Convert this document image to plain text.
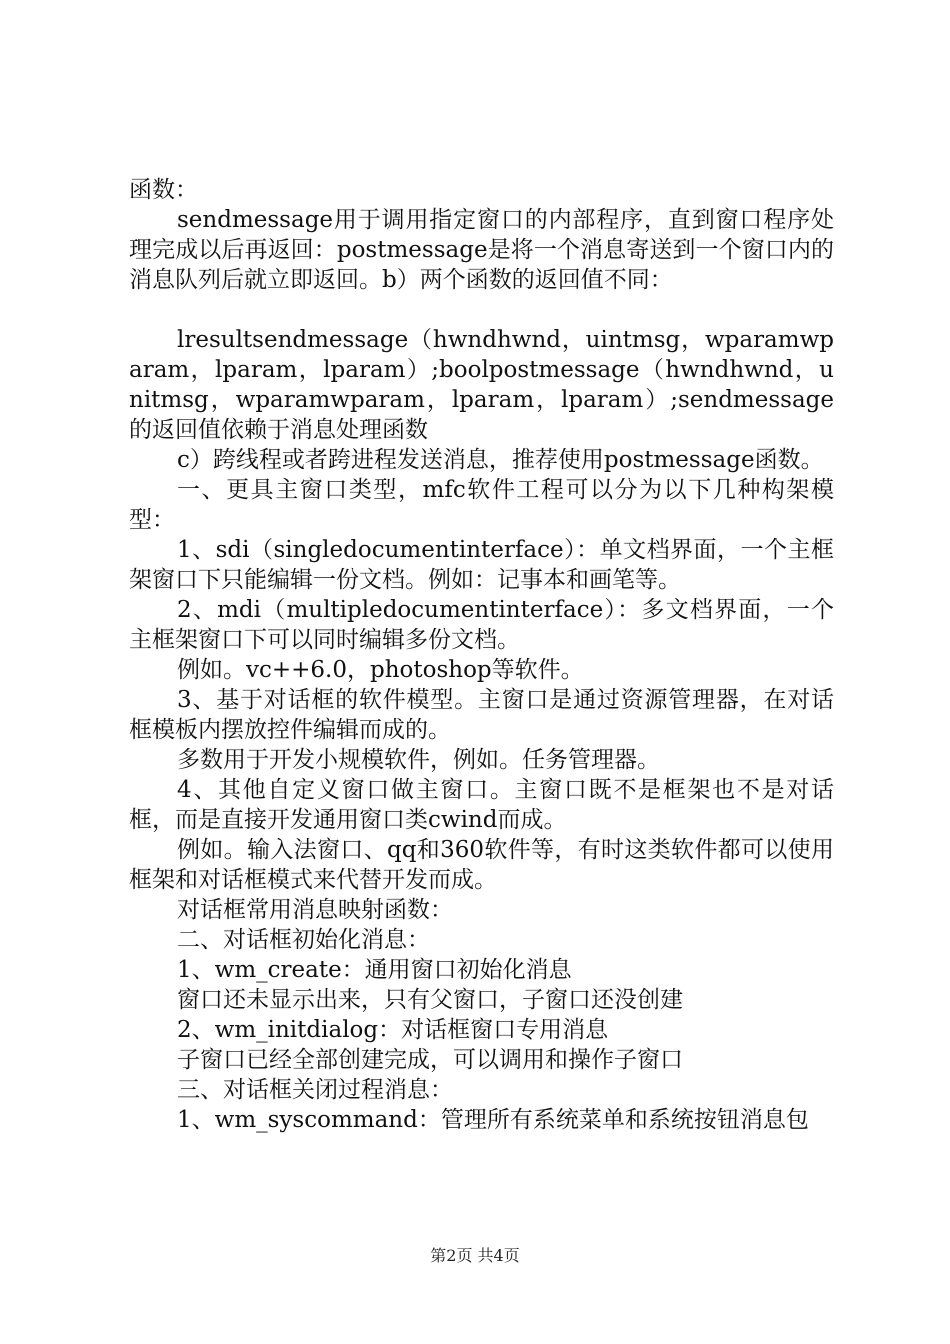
函数：

sendmessage用于调用指定窗口的内部程序，直到窗口程序处理完成以后再返回：postmessage是将一个消息寄送到一个窗口内的消息队列后就立即返回。b）两个函数的返回值不同：

lresultsendmessage（hwndhwnd，uintmsg，wparamwparam，lparam，lparam）;boolpostmessage（hwndhwnd，unitmsg，wparamwparam，lparam，lparam）;sendmessage的返回值依赖于消息处理函数

c）跨线程或者跨进程发送消息，推荐使用postmessage函数。

一、更具主窗口类型，mfc软件工程可以分为以下几种构架模型：

1、sdi（singledocumentinterface）：单文档界面，一个主框架窗口下只能编辑一份文档。例如：记事本和画笔等。

2、mdi（multipledocumentinterface）：多文档界面，一个主框架窗口下可以同时编辑多份文档。

例如。vc++6.0，photoshop等软件。

3、基于对话框的软件模型。主窗口是通过资源管理器，在对话框模板内摆放控件编辑而成的。

多数用于开发小规模软件，例如。任务管理器。

4、其他自定义窗口做主窗口。主窗口既不是框架也不是对话框，而是直接开发通用窗口类cwind而成。

例如。输入法窗口、qq和360软件等，有时这类软件都可以使用框架和对话框模式来代替开发而成。

对话框常用消息映射函数：

二、对话框初始化消息：

1、wm_create：通用窗口初始化消息

窗口还未显示出来，只有父窗口，子窗口还没创建

2、wm_initdialog：对话框窗口专用消息

子窗口已经全部创建完成，可以调用和操作子窗口

三、对话框关闭过程消息：

1、wm_syscommand：管理所有系统菜单和系统按钮消息包

第2页 共4页
